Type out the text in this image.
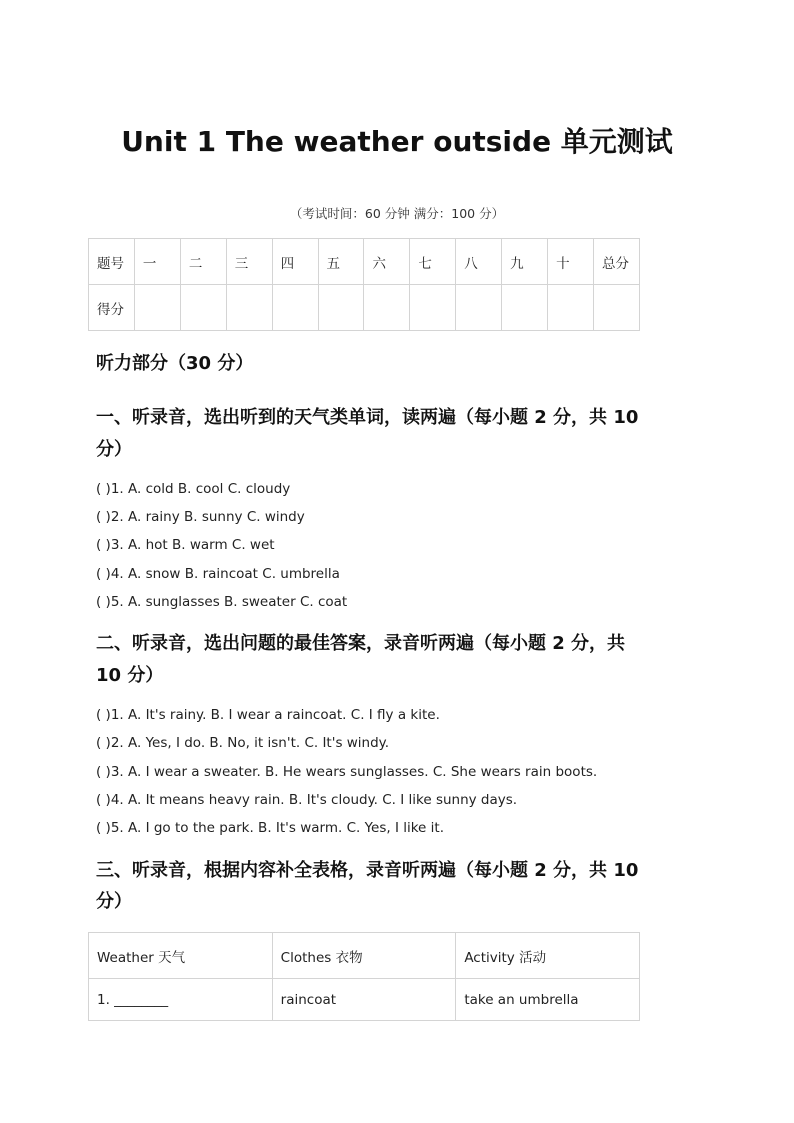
Unit 1 The weather outside 单元测试
（考试时间：60 分钟 满分：100 分）
题号	一	二	三	四	五	六	七	八	九	十	总分
得分											
听力部分（30 分）
一、听录音，选出听到的天气类单词，读两遍（每小题 2 分，共 10
分）
( )1. A. cold B. cool C. cloudy
( )2. A. rainy B. sunny C. windy
( )3. A. hot B. warm C. wet
( )4. A. snow B. raincoat C. umbrella
( )5. A. sunglasses B. sweater C. coat
二、听录音，选出问题的最佳答案，录音听两遍（每小题 2 分，共
10 分）
( )1. A. It's rainy. B. I wear a raincoat. C. I fly a kite.
( )2. A. Yes, I do. B. No, it isn't. C. It's windy.
( )3. A. I wear a sweater. B. He wears sunglasses. C. She wears rain boots.
( )4. A. It means heavy rain. B. It's cloudy. C. I like sunny days.
( )5. A. I go to the park. B. It's warm. C. Yes, I like it.
三、听录音，根据内容补全表格，录音听两遍（每小题 2 分，共 10
分）
Weather 天气	Clothes 衣物	Activity 活动
1. ________	raincoat	take an umbrella
